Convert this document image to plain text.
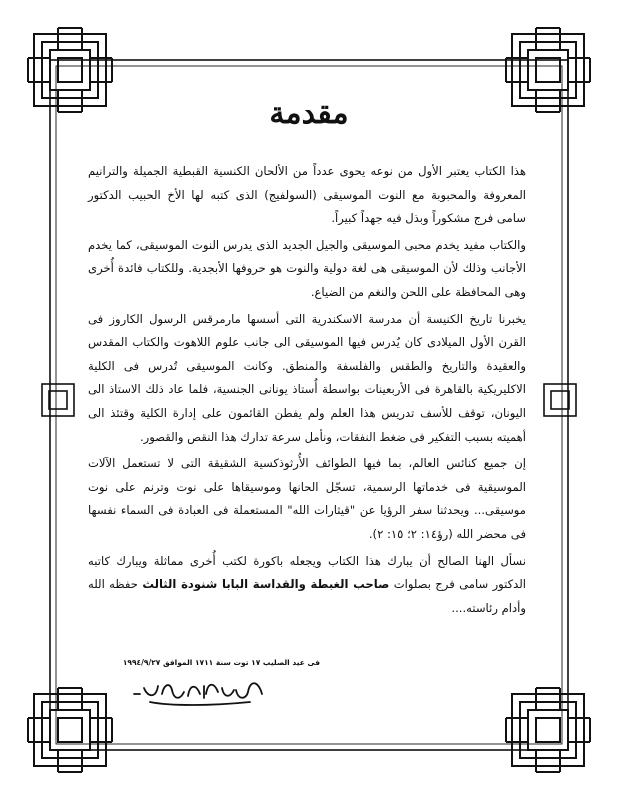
مقدمة

هذا الكتاب يعتبر الأول من نوعه يحوى عدداً من الألحان الكنسية القبطية الجميلة والترانيم المعروفة والمحبوبة مع النوت الموسيقى (السولفيج) الذى كتبه لها الأخ الحبيب الدكتور سامى فرج مشكوراً وبذل فيه جهداً كبيراً.

والكتاب مفيد يخدم محبى الموسيقى والجيل الجديد الذى يدرس النوت الموسيقى، كما يخدم الأجانب وذلك لأن الموسيقى هى لغة دولية والنوت هو حروفها الأبجدية. وللكتاب فائدة أُخرى وهى المحافظة على اللحن والنغم من الضياع.

يخبرنا تاريخ الكنيسة أن مدرسة الاسكندرية التى أسسها مارمرقس الرسول الكاروز فى القرن الأول الميلادى كان يُدرس فيها الموسيقى الى جانب علوم اللاهوت والكتاب المقدس والعقيدة والتاريخ والطقس والفلسفة والمنطق. وكانت الموسيقى تُدرس فى الكلية الاكليريكية بالقاهرة فى الأربعينات بواسطة أُستاذ يونانى الجنسية، فلما عاد ذلك الاستاذ الى اليونان، توقف للأسف تدريس هذا العلم ولم يفطن القائمون على إدارة الكلية وقتئذ الى أهميته بسبب التفكير فى ضغط النفقات، ونأمل سرعة تدارك هذا النقص والقصور.

إن جميع كنائس العالم، بما فيها الطوائف الأُرثوذكسية الشقيقة التى لا تستعمل الآلات الموسيقية فى خدماتها الرسمية، تسجّل الحانها وموسيقاها على نوت وترنم على نوت موسيقى... ويحدثنا سفر الرؤيا عن "قيثارات الله" المستعملة فى العبادة فى السماء نفسها فى محضر الله (رؤ١٤: ٢؛ ١٥: ٢).

نسأل الهنا الصالح أن يبارك هذا الكتاب ويجعله باكورة لكتب أُخرى مماثلة ويبارك كاتبه الدكتور سامى فرج بصلوات صاحب الغبطة والقداسة البابا شنودة الثالث حفظه الله وأدام رئاسته....

فى عيد الصليب ١٧ توت سنة ١٧١١ الموافق ١٩٩٤/٩/٢٧
